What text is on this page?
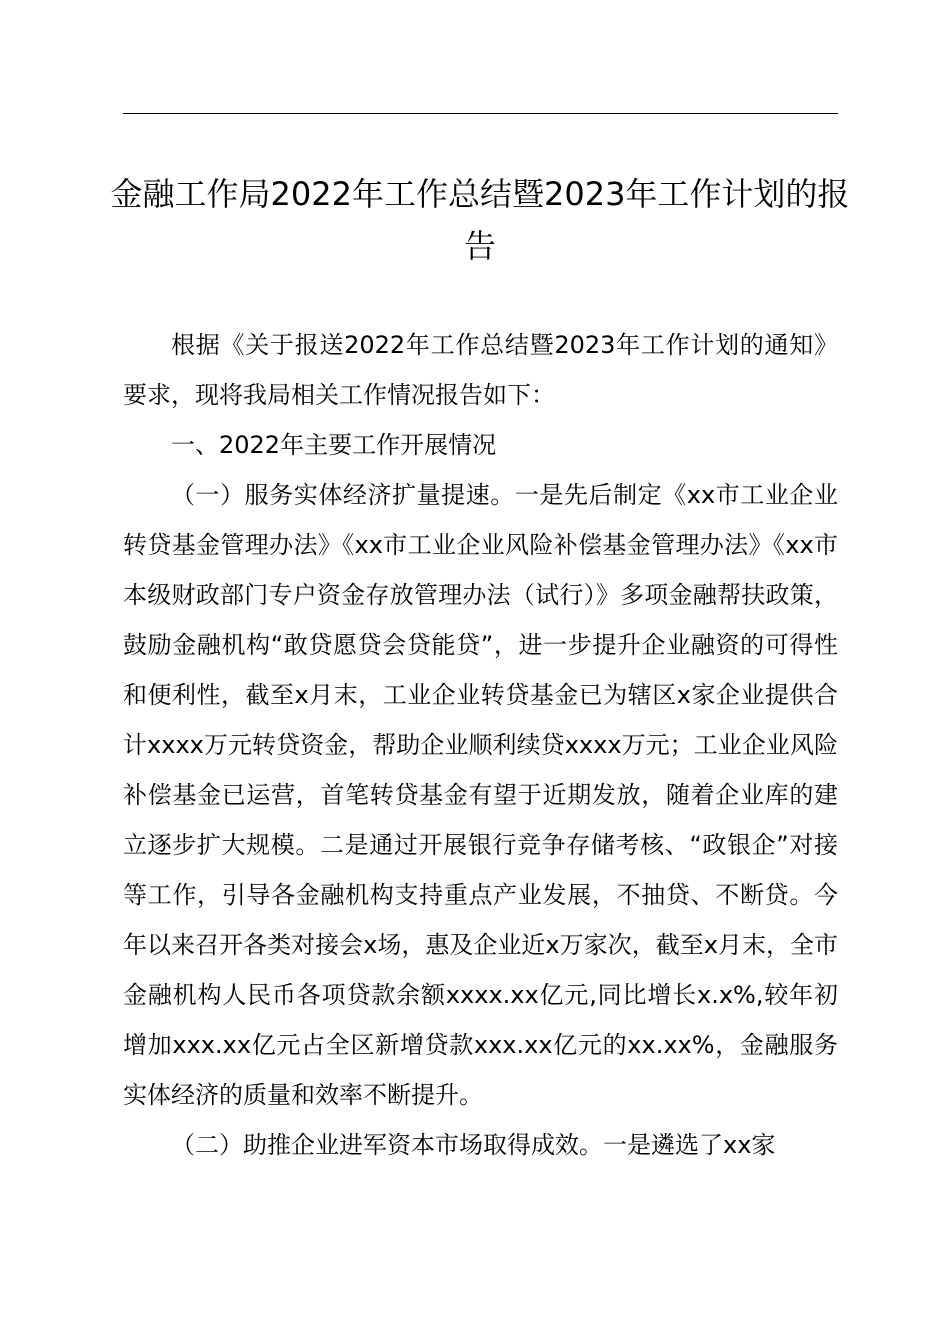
金融工作局2022年工作总结暨2023年工作计划的报告

根据《关于报送2022年工作总结暨2023年工作计划的通知》要求，现将我局相关工作情况报告如下：

一、2022年主要工作开展情况

（一）服务实体经济扩量提速。一是先后制定《xx市工业企业转贷基金管理办法》《xx市工业企业风险补偿基金管理办法》《xx市本级财政部门专户资金存放管理办法（试行）》多项金融帮扶政策，鼓励金融机构“敢贷愿贷会贷能贷”，进一步提升企业融资的可得性和便利性，截至x月末，工业企业转贷基金已为辖区x家企业提供合计xxxx万元转贷资金，帮助企业顺利续贷xxxx万元；工业企业风险补偿基金已运营，首笔转贷基金有望于近期发放，随着企业库的建立逐步扩大规模。二是通过开展银行竞争存储考核、“政银企”对接等工作，引导各金融机构支持重点产业发展，不抽贷、不断贷。今年以来召开各类对接会x场，惠及企业近x万家次，截至x月末，全市金融机构人民币各项贷款余额xxxx.xx亿元,同比增长x.x%,较年初增加xxx.xx亿元占全区新增贷款xxx.xx亿元的xx.xx%，金融服务实体经济的质量和效率不断提升。

（二）助推企业进军资本市场取得成效。一是遴选了xx家
